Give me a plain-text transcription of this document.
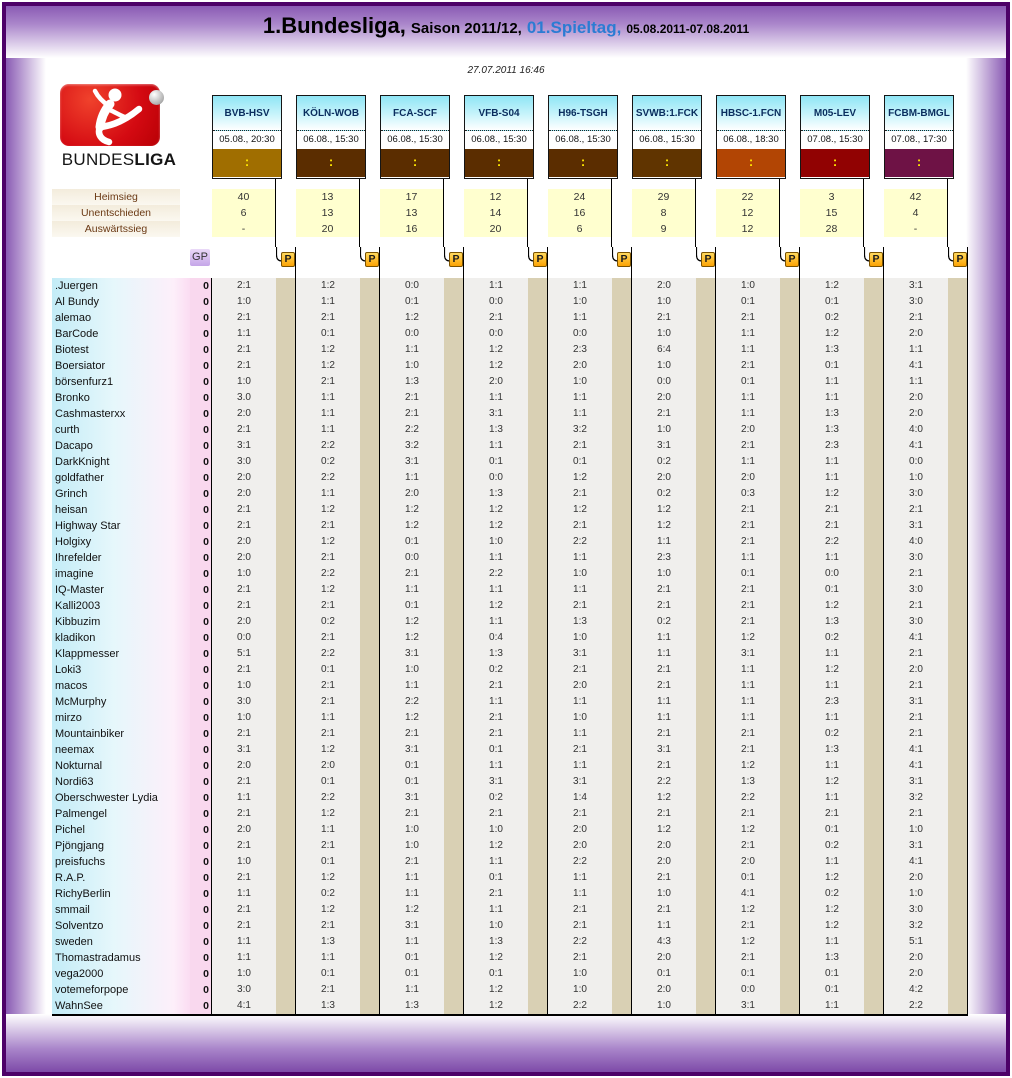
1.Bundesliga, Saison 2011/12, 01.Spieltag, 05.08.2011-07.08.2011
27.07.2011 16:46
BUNDESLIGA
BVB-HSV
05.08., 20:30
:
KÖLN-WOB
06.08., 15:30
:
FCA-SCF
06.08., 15:30
:
VFB-S04
06.08., 15:30
:
H96-TSGH
06.08., 15:30
:
SVWB:1.FCK
06.08., 15:30
:
HBSC-1.FCN
06.08., 18:30
:
M05-LEV
07.08., 15:30
:
FCBM-BMGL
07.08., 17:30
:
Heimsieg	40	13	17	12	24	29	22	3	42
Unentschieden	6	13	13	14	16	8	12	15	4
Auswärtssieg	-	20	16	20	6	9	12	28	-
GP	P	P	P	P	P	P	P	P	P
.Juergen	0	2:1	1:2	0:0	1:1	1:1	2:0	1:0	1:2	3:1
Al Bundy	0	1:0	1:1	0:1	0:0	1:0	1:0	0:1	0:1	3:0
alemao	0	2:1	2:1	1:2	2:1	1:1	2:1	2:1	0:2	2:1
BarCode	0	1:1	0:1	0:0	0:0	0:0	1:0	1:1	1:2	2:0
Biotest	0	2:1	1:2	1:1	1:2	2:3	6:4	1:1	1:3	1:1
Boersiator	0	2:1	1:2	1:0	1:2	2:0	1:0	2:1	0:1	4:1
börsenfurz1	0	1:0	2:1	1:3	2:0	1:0	0:0	0:1	1:1	1:1
Bronko	0	3.0	1:1	2:1	1:1	1:1	2:0	1:1	1:1	2:0
Cashmasterxx	0	2:0	1:1	2:1	3:1	1:1	2:1	1:1	1:3	2:0
curth	0	2:1	1:1	2:2	1:3	3:2	1:0	2:0	1:3	4:0
Dacapo	0	3:1	2:2	3:2	1:1	2:1	3:1	2:1	2:3	4:1
DarkKnight	0	3:0	0:2	3:1	0:1	0:1	0:2	1:1	1:1	0:0
goldfather	0	2:0	2:2	1:1	0:0	1:2	2:0	2:0	1:1	1:0
Grinch	0	2:0	1:1	2:0	1:3	2:1	0:2	0:3	1:2	3:0
heisan	0	2:1	1:2	1:2	1:2	1:2	1:2	2:1	2:1	2:1
Highway Star	0	2:1	2:1	1:2	1:2	2:1	1:2	2:1	2:1	3:1
Holgixy	0	2:0	1:2	0:1	1:0	2:2	1:1	2:1	2:2	4:0
Ihrefelder	0	2:0	2:1	0:0	1:1	1:1	2:3	1:1	1:1	3:0
imagine	0	1:0	2:2	2:1	2:2	1:0	1:0	0:1	0:0	2:1
IQ-Master	0	2:1	1:2	1:1	1:1	1:1	2:1	2:1	0:1	3:0
Kalli2003	0	2:1	2:1	0:1	1:2	2:1	2:1	2:1	1:2	2:1
Kibbuzim	0	2:0	0:2	1:2	1:1	1:3	0:2	2:1	1:3	3:0
kladikon	0	0:0	2:1	1:2	0:4	1:0	1:1	1:2	0:2	4:1
Klappmesser	0	5:1	2:2	3:1	1:3	3:1	1:1	3:1	1:1	2:1
Loki3	0	2:1	0:1	1:0	0:2	2:1	2:1	1:1	1:2	2:0
macos	0	1:0	2:1	1:1	2:1	2:0	2:1	1:1	1:1	2:1
McMurphy	0	3:0	2:1	2:2	1:1	1:1	1:1	1:1	2:3	3:1
mirzo	0	1:0	1:1	1:2	2:1	1:0	1:1	1:1	1:1	2:1
Mountainbiker	0	2:1	2:1	2:1	2:1	1:1	2:1	2:1	0:2	2:1
neemax	0	3:1	1:2	3:1	0:1	2:1	3:1	2:1	1:3	4:1
Nokturnal	0	2:0	2:0	0:1	1:1	1:1	2:1	1:2	1:1	4:1
Nordi63	0	2:1	0:1	0:1	3:1	3:1	2:2	1:3	1:2	3:1
Oberschwester Lydia	0	1:1	2:2	3:1	0:2	1:4	1:2	2:2	1:1	3:2
Palmengel	0	2:1	1:2	2:1	2:1	2:1	2:1	2:1	2:1	2:1
Pichel	0	2:0	1:1	1:0	1:0	2:0	1:2	1:2	0:1	1:0
Pjöngjang	0	2:1	2:1	1:0	1:2	2:0	2:0	2:1	0:2	3:1
preisfuchs	0	1:0	0:1	2:1	1:1	2:2	2:0	2:0	1:1	4:1
R.A.P.	0	2:1	1:2	1:1	0:1	1:1	2:1	0:1	1:2	2:0
RichyBerlin	0	1:1	0:2	1:1	2:1	1:1	1:0	4:1	0:2	1:0
smmail	0	2:1	1:2	1:2	1:1	2:1	2:1	1:2	1:2	3:0
Solventzo	0	2:1	2:1	3:1	1:0	2:1	1:1	2:1	1:2	3:2
sweden	0	1:1	1:3	1:1	1:3	2:2	4:3	1:2	1:1	5:1
Thomastradamus	0	1:1	1:1	0:1	1:2	2:1	2:0	2:1	1:3	2:0
vega2000	0	1:0	0:1	0:1	0:1	1:0	0:1	0:1	0:1	2:0
votemeforpope	0	3:0	2:1	1:1	1:2	1:0	2:0	0:0	0:1	4:2
WahnSee	0	4:1	1:3	1:3	1:2	2:2	1:0	3:1	1:1	2:2
